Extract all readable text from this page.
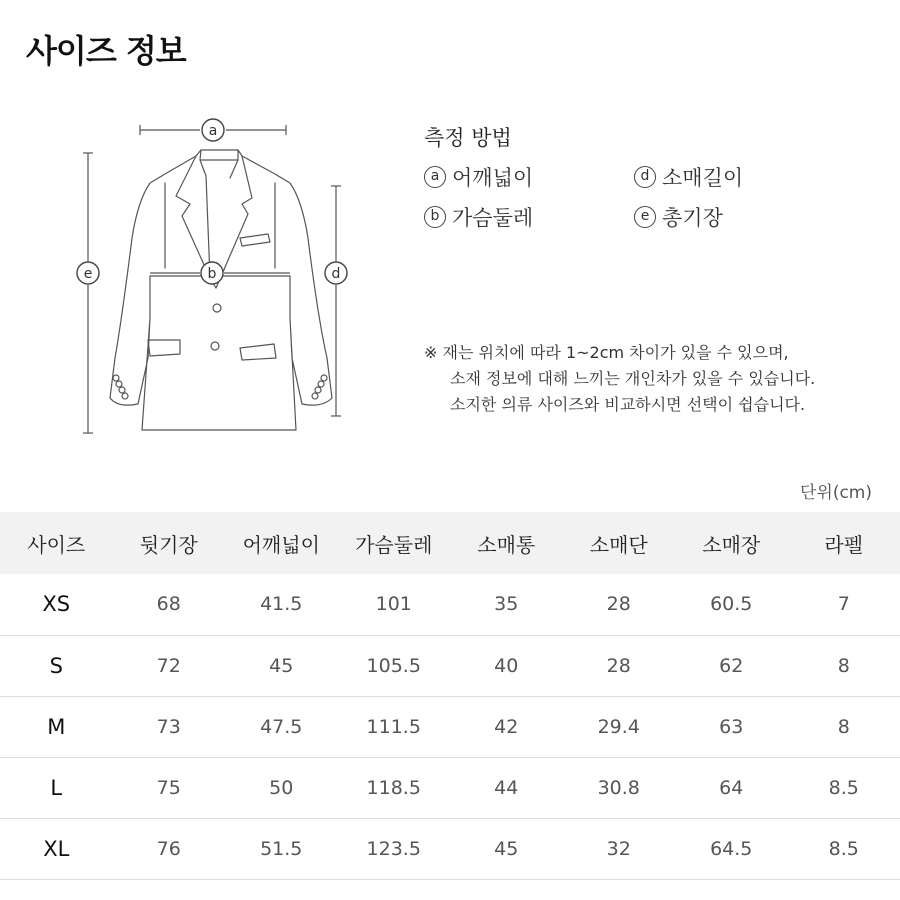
사이즈 정보
a
e	d
b
측정 방법
a 어깨넓이	d 소매길이
b 가슴둘레	e 총기장
※ 재는 위치에 따라 1~2cm 차이가 있을 수 있으며,
소재 정보에 대해 느끼는 개인차가 있을 수 있습니다.
소지한 의류 사이즈와 비교하시면 선택이 쉽습니다.
단위(cm)
사이즈	뒷기장	어깨넓이	가슴둘레	소매통	소매단	소매장	라펠
XS	68	41.5	101	35	28	60.5	7
S	72	45	105.5	40	28	62	8
M	73	47.5	111.5	42	29.4	63	8
L	75	50	118.5	44	30.8	64	8.5
XL	76	51.5	123.5	45	32	64.5	8.5
